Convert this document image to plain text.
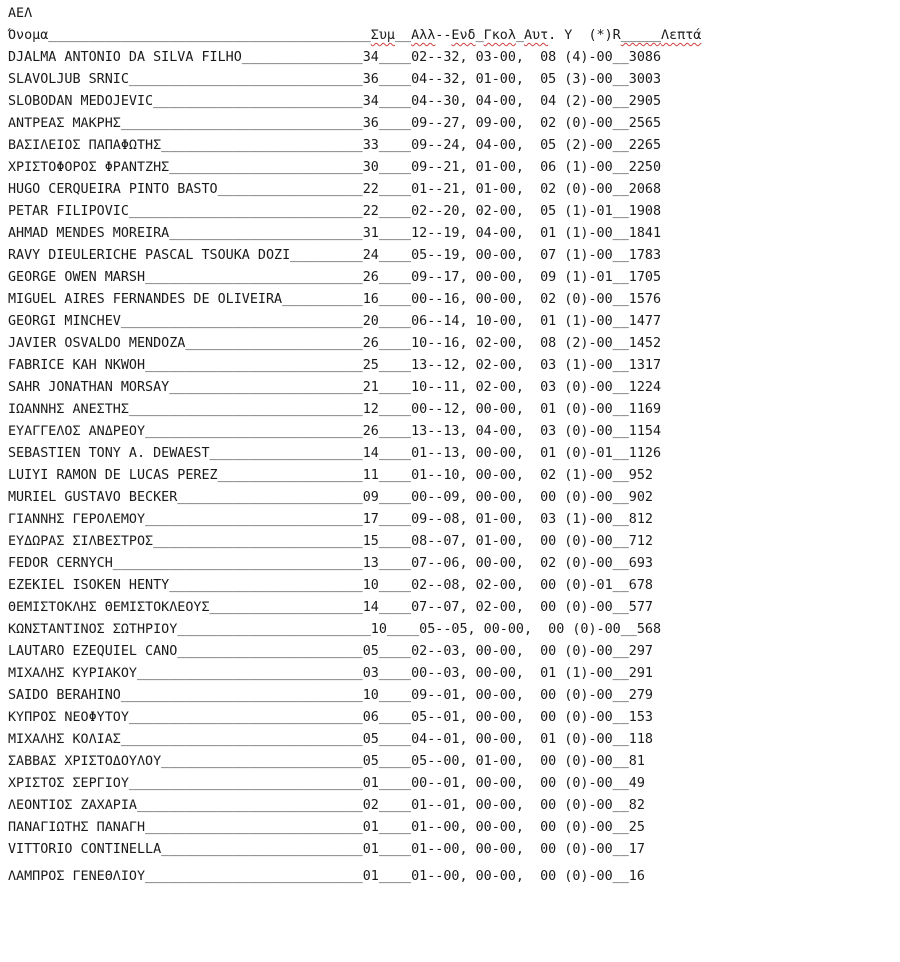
ΑΕΛ
Όνομα________________________________________Συμ__Αλλ--Ενδ_Γκολ_Αυτ. Υ  (*)R_____Λεπτά
DJALMA ANTONIO DA SILVA FILHO_______________34____02--32, 03-00,  08 (4)-00__3086
SLAVOLJUB SRNIC_____________________________36____04--32, 01-00,  05 (3)-00__3003
SLOBODAN MEDOJEVIC__________________________34____04--30, 04-00,  04 (2)-00__2905
ΑΝΤΡΕΑΣ ΜΑΚΡΗΣ______________________________36____09--27, 09-00,  02 (0)-00__2565
ΒΑΣΙΛΕΙΟΣ ΠΑΠΑΦΩΤΗΣ_________________________33____09--24, 04-00,  05 (2)-00__2265
ΧΡΙΣΤΟΦΟΡΟΣ ΦΡΑΝΤΖΗΣ________________________30____09--21, 01-00,  06 (1)-00__2250
HUGO CERQUEIRA PINTO BASTO__________________22____01--21, 01-00,  02 (0)-00__2068
PETAR FILIPOVIC_____________________________22____02--20, 02-00,  05 (1)-01__1908
AHMAD MENDES MOREIRA________________________31____12--19, 04-00,  01 (1)-00__1841
RAVY DIEULERICHE PASCAL TSOUKA DOZI_________24____05--19, 00-00,  07 (1)-00__1783
GEORGE OWEN MARSH___________________________26____09--17, 00-00,  09 (1)-01__1705
MIGUEL AIRES FERNANDES DE OLIVEIRA__________16____00--16, 00-00,  02 (0)-00__1576
GEORGI MINCHEV______________________________20____06--14, 10-00,  01 (1)-00__1477
JAVIER OSVALDO MENDOZA______________________26____10--16, 02-00,  08 (2)-00__1452
FABRICE KAH NKWOH___________________________25____13--12, 02-00,  03 (1)-00__1317
SAHR JONATHAN MORSAY________________________21____10--11, 02-00,  03 (0)-00__1224
ΙΩΑΝΝΗΣ ΑΝΕΣΤΗΣ_____________________________12____00--12, 00-00,  01 (0)-00__1169
ΕΥΑΓΓΕΛΟΣ ΑΝΔΡΕΟΥ___________________________26____13--13, 04-00,  03 (0)-00__1154
SEBASTIEN TONY A. DEWAEST___________________14____01--13, 00-00,  01 (0)-01__1126
LUIYI RAMON DE LUCAS PEREZ__________________11____01--10, 00-00,  02 (1)-00__952
MURIEL GUSTAVO BECKER_______________________09____00--09, 00-00,  00 (0)-00__902
ΓΙΑΝΝΗΣ ΓΕΡΟΛΕΜΟΥ___________________________17____09--08, 01-00,  03 (1)-00__812
ΕΥΔΩΡΑΣ ΣΙΛΒΕΣΤΡΟΣ__________________________15____08--07, 01-00,  00 (0)-00__712
FEDOR CERNYCH_______________________________13____07--06, 00-00,  02 (0)-00__693
EZEKIEL ISOKEN HENTY________________________10____02--08, 02-00,  00 (0)-01__678
ΘΕΜΙΣΤΟΚΛΗΣ ΘΕΜΙΣΤΟΚΛΕΟΥΣ___________________14____07--07, 02-00,  00 (0)-00__577
ΚΩΝΣΤΑΝΤΙΝΟΣ ΣΩΤΗΡΙΟΥ________________________10____05--05, 00-00,  00 (0)-00__568
LAUTARO EZEQUIEL CANO_______________________05____02--03, 00-00,  00 (0)-00__297
ΜΙΧΑΛΗΣ ΚΥΡΙΑΚΟΥ____________________________03____00--03, 00-00,  01 (1)-00__291
SAIDO BERAHINO______________________________10____09--01, 00-00,  00 (0)-00__279
ΚΥΠΡΟΣ ΝΕΟΦΥΤΟΥ_____________________________06____05--01, 00-00,  00 (0)-00__153
ΜΙΧΑΛΗΣ ΚΟΛΙΑΣ______________________________05____04--01, 00-00,  01 (0)-00__118
ΣΑΒΒΑΣ ΧΡΙΣΤΟΔΟΥΛΟΥ_________________________05____05--00, 01-00,  00 (0)-00__81
ΧΡΙΣΤΟΣ ΣΕΡΓΙΟΥ_____________________________01____00--01, 00-00,  00 (0)-00__49
ΛΕΟΝΤΙΟΣ ΖΑΧΑΡΙΑ____________________________02____01--01, 00-00,  00 (0)-00__82
ΠΑΝΑΓΙΩΤΗΣ ΠΑΝΑΓΗ___________________________01____01--00, 00-00,  00 (0)-00__25
VITTORIO CONTINELLA_________________________01____01--00, 00-00,  00 (0)-00__17
ΛΑΜΠΡΟΣ ΓΕΝΕΘΛΙΟΥ___________________________01____01--00, 00-00,  00 (0)-00__16
